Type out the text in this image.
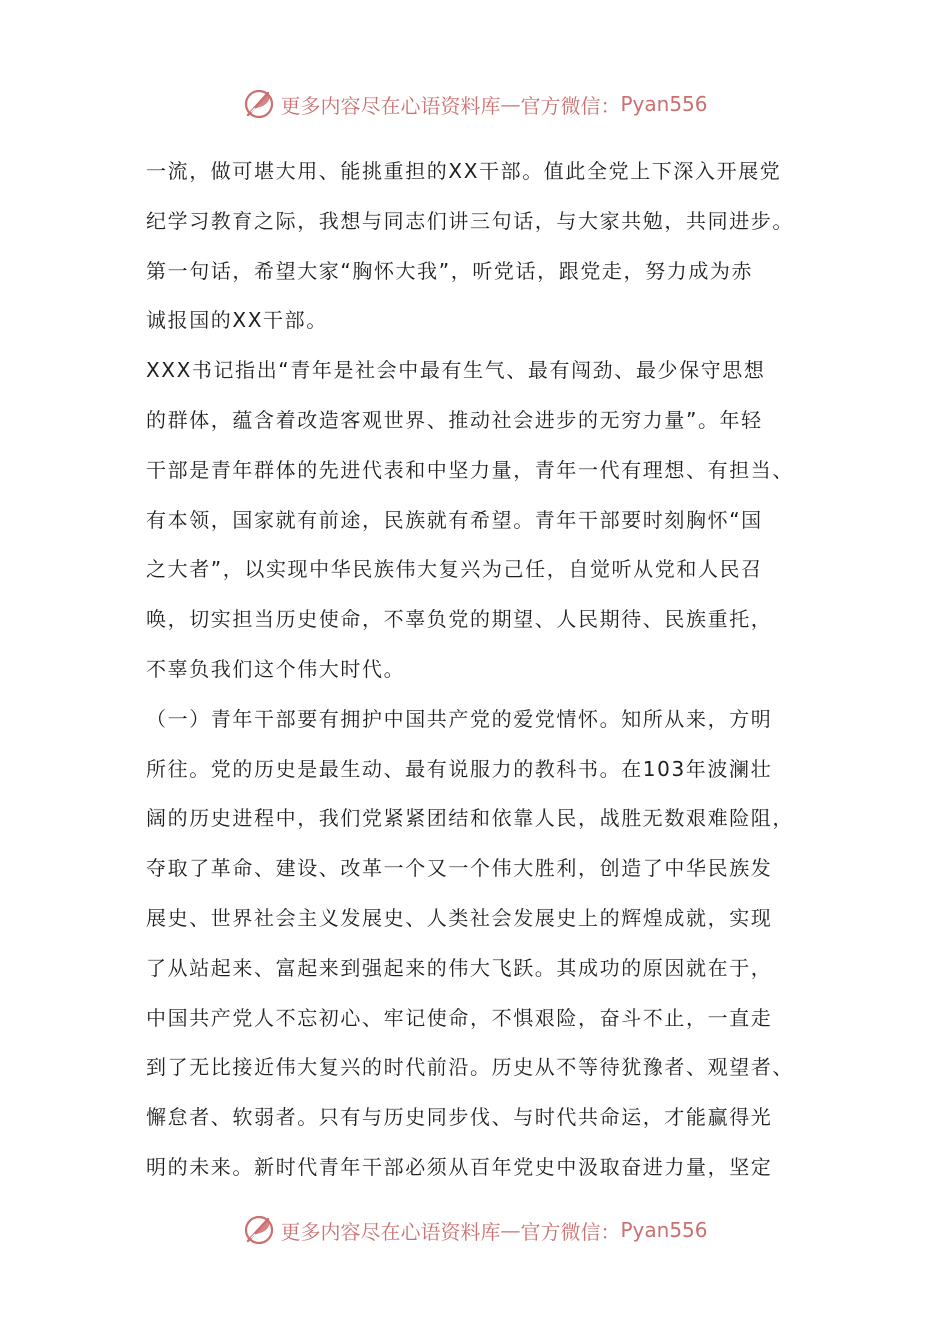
更多内容尽在心语资料库 — 官方微信： Pyan556
一流，做可堪大用、能挑重担的XX干部。值此全党上下深入开展党
纪学习教育之际，我想与同志们讲三句话，与大家共勉，共同进步。
第一句话，希望大家“胸怀大我”，听党话，跟党走，努力成为赤
诚报国的XX干部。
XXX书记指出“青年是社会中最有生气、最有闯劲、最少保守思想
的群体，蕴含着改造客观世界、推动社会进步的无穷力量”。年轻
干部是青年群体的先进代表和中坚力量，青年一代有理想、有担当、
有本领，国家就有前途，民族就有希望。青年干部要时刻胸怀“国
之大者”，以实现中华民族伟大复兴为己任，自觉听从党和人民召
唤，切实担当历史使命，不辜负党的期望、人民期待、民族重托，
不辜负我们这个伟大时代。
（一）青年干部要有拥护中国共产党的爱党情怀。知所从来，方明
所往。党的历史是最生动、最有说服力的教科书。在103年波澜壮
阔的历史进程中，我们党紧紧团结和依靠人民，战胜无数艰难险阻，
夺取了革命、建设、改革一个又一个伟大胜利，创造了中华民族发
展史、世界社会主义发展史、人类社会发展史上的辉煌成就，实现
了从站起来、富起来到强起来的伟大飞跃。其成功的原因就在于，
中国共产党人不忘初心、牢记使命，不惧艰险，奋斗不止，一直走
到了无比接近伟大复兴的时代前沿。历史从不等待犹豫者、观望者、
懈怠者、软弱者。只有与历史同步伐、与时代共命运，才能赢得光
明的未来。新时代青年干部必须从百年党史中汲取奋进力量，坚定
更多内容尽在心语资料库 — 官方微信： Pyan556
